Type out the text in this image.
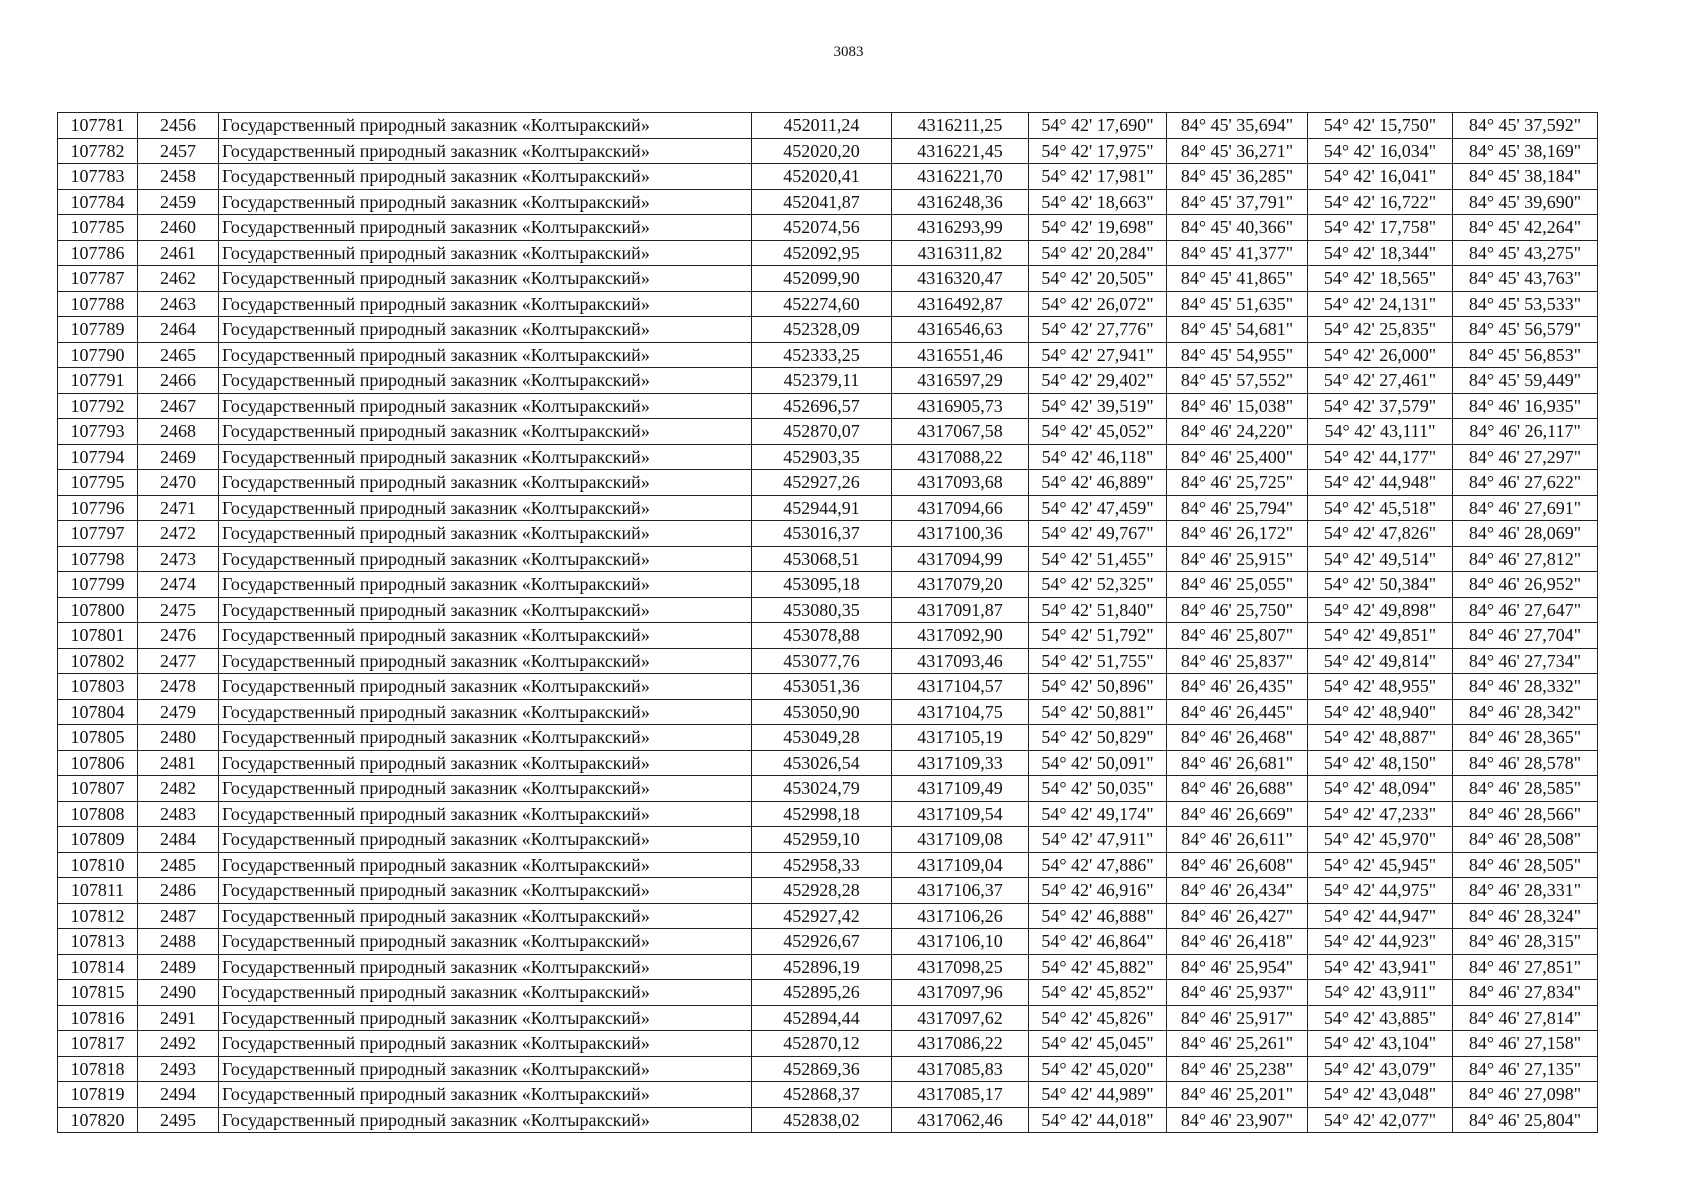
3083
107781	2456	Государственный природный заказник «Колтыракский»	452011,24	4316211,25	54° 42' 17,690"	84° 45' 35,694"	54° 42' 15,750"	84° 45' 37,592"
107782	2457	Государственный природный заказник «Колтыракский»	452020,20	4316221,45	54° 42' 17,975"	84° 45' 36,271"	54° 42' 16,034"	84° 45' 38,169"
107783	2458	Государственный природный заказник «Колтыракский»	452020,41	4316221,70	54° 42' 17,981"	84° 45' 36,285"	54° 42' 16,041"	84° 45' 38,184"
107784	2459	Государственный природный заказник «Колтыракский»	452041,87	4316248,36	54° 42' 18,663"	84° 45' 37,791"	54° 42' 16,722"	84° 45' 39,690"
107785	2460	Государственный природный заказник «Колтыракский»	452074,56	4316293,99	54° 42' 19,698"	84° 45' 40,366"	54° 42' 17,758"	84° 45' 42,264"
107786	2461	Государственный природный заказник «Колтыракский»	452092,95	4316311,82	54° 42' 20,284"	84° 45' 41,377"	54° 42' 18,344"	84° 45' 43,275"
107787	2462	Государственный природный заказник «Колтыракский»	452099,90	4316320,47	54° 42' 20,505"	84° 45' 41,865"	54° 42' 18,565"	84° 45' 43,763"
107788	2463	Государственный природный заказник «Колтыракский»	452274,60	4316492,87	54° 42' 26,072"	84° 45' 51,635"	54° 42' 24,131"	84° 45' 53,533"
107789	2464	Государственный природный заказник «Колтыракский»	452328,09	4316546,63	54° 42' 27,776"	84° 45' 54,681"	54° 42' 25,835"	84° 45' 56,579"
107790	2465	Государственный природный заказник «Колтыракский»	452333,25	4316551,46	54° 42' 27,941"	84° 45' 54,955"	54° 42' 26,000"	84° 45' 56,853"
107791	2466	Государственный природный заказник «Колтыракский»	452379,11	4316597,29	54° 42' 29,402"	84° 45' 57,552"	54° 42' 27,461"	84° 45' 59,449"
107792	2467	Государственный природный заказник «Колтыракский»	452696,57	4316905,73	54° 42' 39,519"	84° 46' 15,038"	54° 42' 37,579"	84° 46' 16,935"
107793	2468	Государственный природный заказник «Колтыракский»	452870,07	4317067,58	54° 42' 45,052"	84° 46' 24,220"	54° 42' 43,111"	84° 46' 26,117"
107794	2469	Государственный природный заказник «Колтыракский»	452903,35	4317088,22	54° 42' 46,118"	84° 46' 25,400"	54° 42' 44,177"	84° 46' 27,297"
107795	2470	Государственный природный заказник «Колтыракский»	452927,26	4317093,68	54° 42' 46,889"	84° 46' 25,725"	54° 42' 44,948"	84° 46' 27,622"
107796	2471	Государственный природный заказник «Колтыракский»	452944,91	4317094,66	54° 42' 47,459"	84° 46' 25,794"	54° 42' 45,518"	84° 46' 27,691"
107797	2472	Государственный природный заказник «Колтыракский»	453016,37	4317100,36	54° 42' 49,767"	84° 46' 26,172"	54° 42' 47,826"	84° 46' 28,069"
107798	2473	Государственный природный заказник «Колтыракский»	453068,51	4317094,99	54° 42' 51,455"	84° 46' 25,915"	54° 42' 49,514"	84° 46' 27,812"
107799	2474	Государственный природный заказник «Колтыракский»	453095,18	4317079,20	54° 42' 52,325"	84° 46' 25,055"	54° 42' 50,384"	84° 46' 26,952"
107800	2475	Государственный природный заказник «Колтыракский»	453080,35	4317091,87	54° 42' 51,840"	84° 46' 25,750"	54° 42' 49,898"	84° 46' 27,647"
107801	2476	Государственный природный заказник «Колтыракский»	453078,88	4317092,90	54° 42' 51,792"	84° 46' 25,807"	54° 42' 49,851"	84° 46' 27,704"
107802	2477	Государственный природный заказник «Колтыракский»	453077,76	4317093,46	54° 42' 51,755"	84° 46' 25,837"	54° 42' 49,814"	84° 46' 27,734"
107803	2478	Государственный природный заказник «Колтыракский»	453051,36	4317104,57	54° 42' 50,896"	84° 46' 26,435"	54° 42' 48,955"	84° 46' 28,332"
107804	2479	Государственный природный заказник «Колтыракский»	453050,90	4317104,75	54° 42' 50,881"	84° 46' 26,445"	54° 42' 48,940"	84° 46' 28,342"
107805	2480	Государственный природный заказник «Колтыракский»	453049,28	4317105,19	54° 42' 50,829"	84° 46' 26,468"	54° 42' 48,887"	84° 46' 28,365"
107806	2481	Государственный природный заказник «Колтыракский»	453026,54	4317109,33	54° 42' 50,091"	84° 46' 26,681"	54° 42' 48,150"	84° 46' 28,578"
107807	2482	Государственный природный заказник «Колтыракский»	453024,79	4317109,49	54° 42' 50,035"	84° 46' 26,688"	54° 42' 48,094"	84° 46' 28,585"
107808	2483	Государственный природный заказник «Колтыракский»	452998,18	4317109,54	54° 42' 49,174"	84° 46' 26,669"	54° 42' 47,233"	84° 46' 28,566"
107809	2484	Государственный природный заказник «Колтыракский»	452959,10	4317109,08	54° 42' 47,911"	84° 46' 26,611"	54° 42' 45,970"	84° 46' 28,508"
107810	2485	Государственный природный заказник «Колтыракский»	452958,33	4317109,04	54° 42' 47,886"	84° 46' 26,608"	54° 42' 45,945"	84° 46' 28,505"
107811	2486	Государственный природный заказник «Колтыракский»	452928,28	4317106,37	54° 42' 46,916"	84° 46' 26,434"	54° 42' 44,975"	84° 46' 28,331"
107812	2487	Государственный природный заказник «Колтыракский»	452927,42	4317106,26	54° 42' 46,888"	84° 46' 26,427"	54° 42' 44,947"	84° 46' 28,324"
107813	2488	Государственный природный заказник «Колтыракский»	452926,67	4317106,10	54° 42' 46,864"	84° 46' 26,418"	54° 42' 44,923"	84° 46' 28,315"
107814	2489	Государственный природный заказник «Колтыракский»	452896,19	4317098,25	54° 42' 45,882"	84° 46' 25,954"	54° 42' 43,941"	84° 46' 27,851"
107815	2490	Государственный природный заказник «Колтыракский»	452895,26	4317097,96	54° 42' 45,852"	84° 46' 25,937"	54° 42' 43,911"	84° 46' 27,834"
107816	2491	Государственный природный заказник «Колтыракский»	452894,44	4317097,62	54° 42' 45,826"	84° 46' 25,917"	54° 42' 43,885"	84° 46' 27,814"
107817	2492	Государственный природный заказник «Колтыракский»	452870,12	4317086,22	54° 42' 45,045"	84° 46' 25,261"	54° 42' 43,104"	84° 46' 27,158"
107818	2493	Государственный природный заказник «Колтыракский»	452869,36	4317085,83	54° 42' 45,020"	84° 46' 25,238"	54° 42' 43,079"	84° 46' 27,135"
107819	2494	Государственный природный заказник «Колтыракский»	452868,37	4317085,17	54° 42' 44,989"	84° 46' 25,201"	54° 42' 43,048"	84° 46' 27,098"
107820	2495	Государственный природный заказник «Колтыракский»	452838,02	4317062,46	54° 42' 44,018"	84° 46' 23,907"	54° 42' 42,077"	84° 46' 25,804"
